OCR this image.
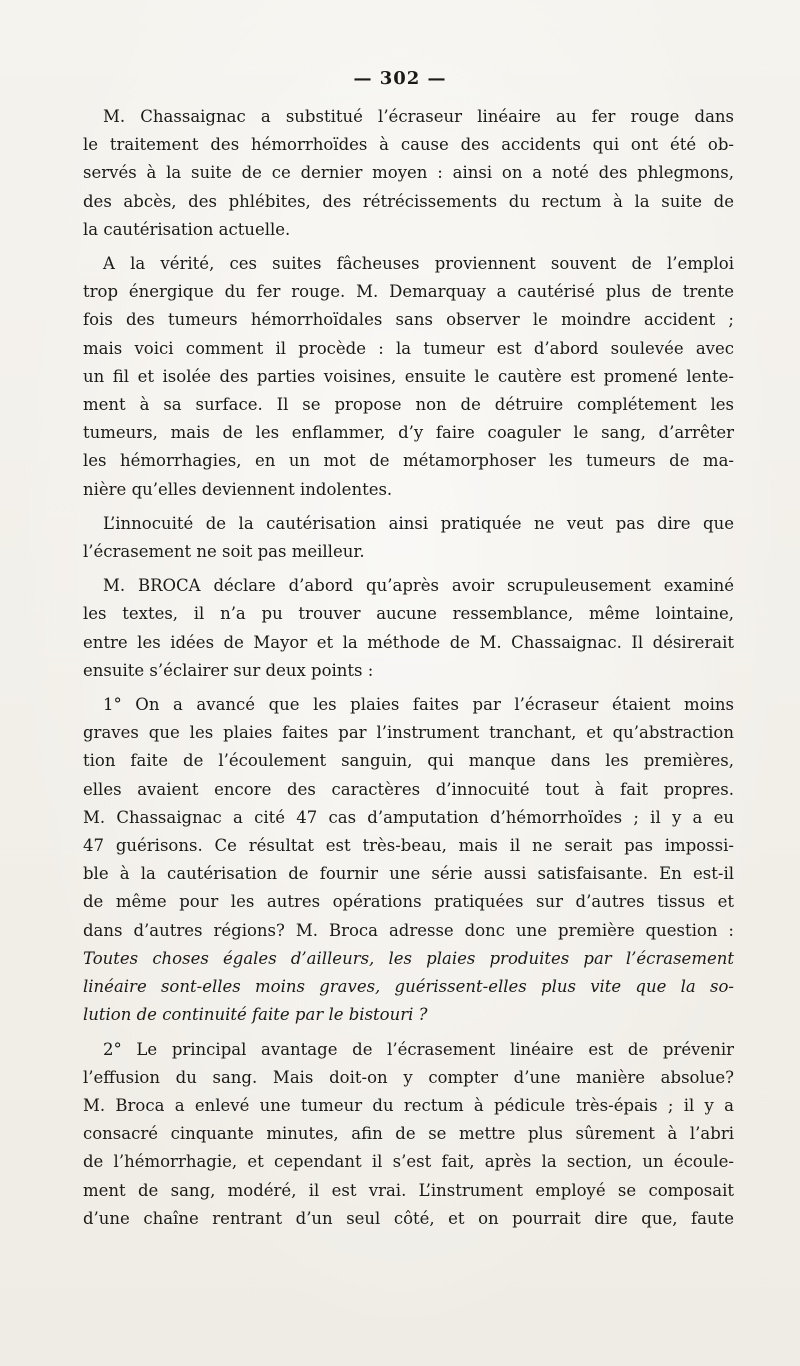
— 302 —
M. Chassaignac a substitué l’écraseur linéaire au fer rouge dans
le traitement des hémorrhoïdes à cause des accidents qui ont été ob-
servés à la suite de ce dernier moyen : ainsi on a noté des phlegmons,
des abcès, des phlébites, des rétrécissements du rectum à la suite de
la cautérisation actuelle.
A la vérité, ces suites fâcheuses proviennent souvent de l’emploi
trop énergique du fer rouge. M. Demarquay a cautérisé plus de trente
fois des tumeurs hémorrhoïdales sans observer le moindre accident ;
mais voici comment il procède : la tumeur est d’abord soulevée avec
un fil et isolée des parties voisines, ensuite le cautère est promené lente-
ment à sa surface. Il se propose non de détruire complétement les
tumeurs, mais de les enflammer, d’y faire coaguler le sang, d’arrêter
les hémorrhagies, en un mot de métamorphoser les tumeurs de ma-
nière qu’elles deviennent indolentes.
L’innocuité de la cautérisation ainsi pratiquée ne veut pas dire que
l’écrasement ne soit pas meilleur.
M. BROCA déclare d’abord qu’après avoir scrupuleusement examiné
les textes, il n’a pu trouver aucune ressemblance, même lointaine,
entre les idées de Mayor et la méthode de M. Chassaignac. Il désirerait
ensuite s’éclairer sur deux points :
1° On a avancé que les plaies faites par l’écraseur étaient moins
graves que les plaies faites par l’instrument tranchant, et qu’abstraction
tion faite de l’écoulement sanguin, qui manque dans les premières,
elles avaient encore des caractères d’innocuité tout à fait propres.
M. Chassaignac a cité 47 cas d’amputation d’hémorrhoïdes ; il y a eu
47 guérisons. Ce résultat est très-beau, mais il ne serait pas impossi-
ble à la cautérisation de fournir une série aussi satisfaisante. En est-il
de même pour les autres opérations pratiquées sur d’autres tissus et
dans d’autres régions? M. Broca adresse donc une première question :
Toutes choses égales d’ailleurs, les plaies produites par l’écrasement
linéaire sont-elles moins graves, guérissent-elles plus vite que la so-
lution de continuité faite par le bistouri ?
2° Le principal avantage de l’écrasement linéaire est de prévenir
l’effusion du sang. Mais doit-on y compter d’une manière absolue?
M. Broca a enlevé une tumeur du rectum à pédicule très-épais ; il y a
consacré cinquante minutes, afin de se mettre plus sûrement à l’abri
de l’hémorrhagie, et cependant il s’est fait, après la section, un écoule-
ment de sang, modéré, il est vrai. L’instrument employé se composait
d’une chaîne rentrant d’un seul côté, et on pourrait dire que, faute
